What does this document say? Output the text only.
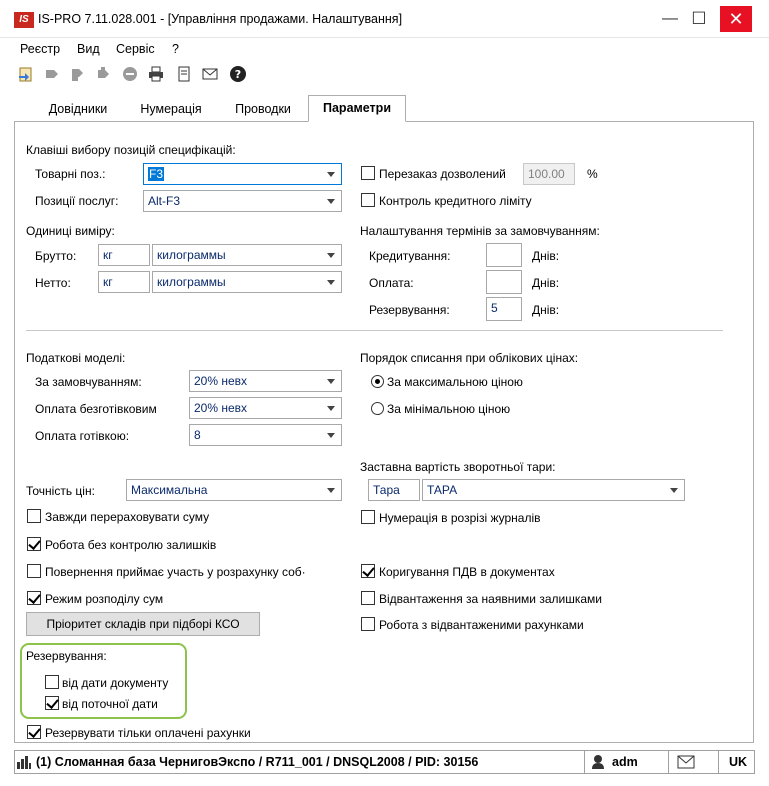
IS IS-PRO 7.11.028.001 - [Управління продажами. Налаштування]	— ☐	✕
Реєстр Вид Сервіс ?
?
Довідники	Нумерація	Проводки	Параметри
Клавіші вибору позицій специфікацій:
Товарні поз.:	F3
Позиції послуг:	Alt-F3
Перезаказ дозволений	100.00	%
Контроль кредитного ліміту
Одиниці виміру:
Брутто:	кг	килограммы
Нетто:	кг	килограммы
Налаштування термінів за замовчуванням:
Кредитування:	Днів:
Оплата:	Днів:
Резервування:	5	Днів:
Податкові моделі:
За замовчуванням:	20% невх
Оплата безготівковим	20% невх
Оплата готівкою:	8
Порядок списання при облікових цінах:
За максимальною ціною
За мінімальною ціною
Точність цін:	Максимальна
Заставна вартість зворотньої тари:
Тара	ТАРА
Завжди перераховувати суму
Робота без контролю залишків
Повернення приймає участь у розрахунку соб·
Режим розподілу сум
Пріоритет складів при підборі КСО
Нумерація в розрізі журналів
Коригування ПДВ в документах
Відвантаження за наявними залишками
Робота з відвантаженими рахунками
Резервування:
від дати документу
від поточної дати
Резервувати тільки оплачені рахунки
(1) Сломанная база ЧерниговЭкспо / R711_001 / DNSQL2008 / PID: 30156	adm	UK
